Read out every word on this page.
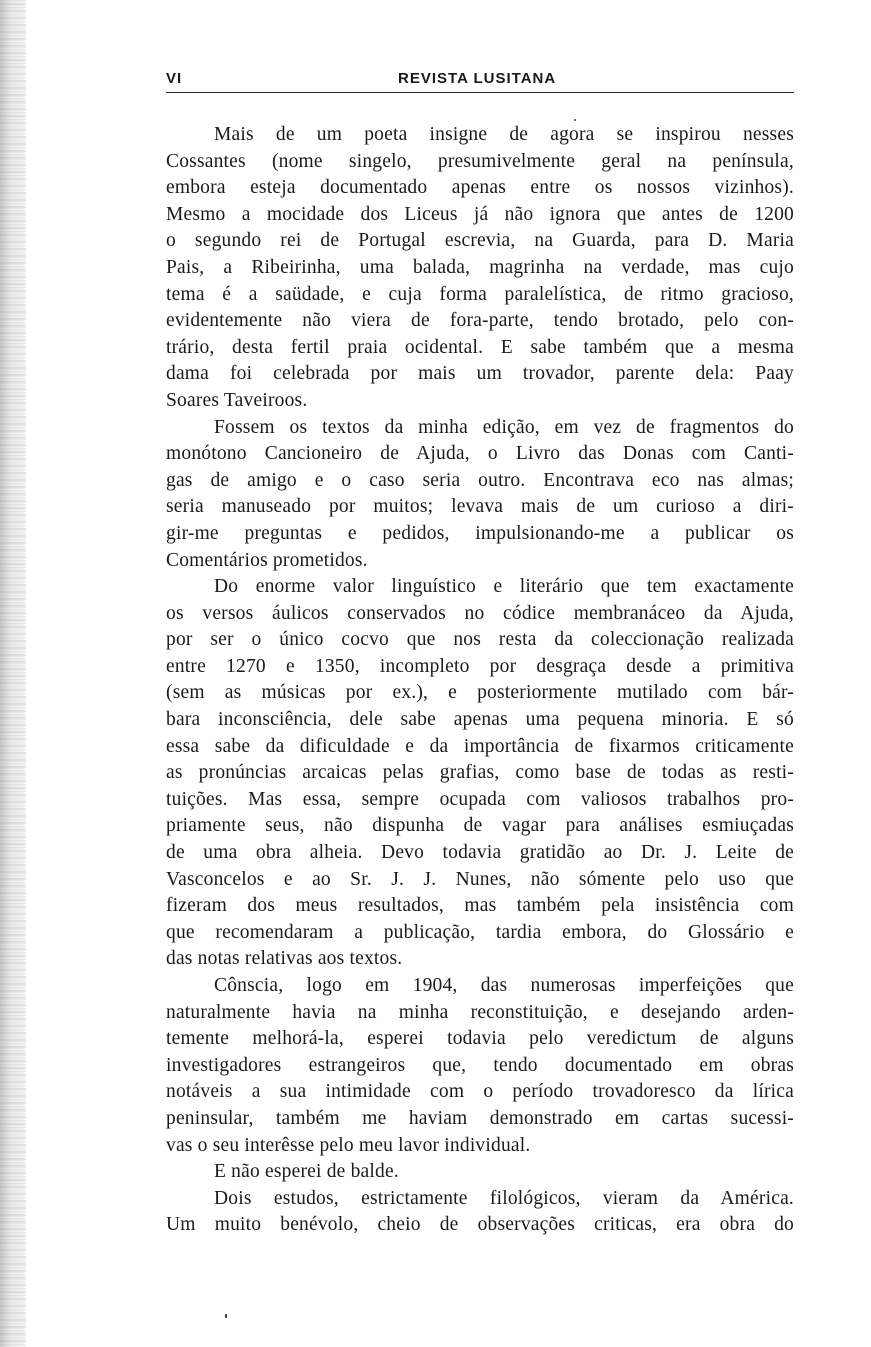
VI	REVISTA LUSITANA
Mais de um poeta insigne de agora se inspirou nesses
Cossantes (nome singelo, presumivelmente geral na península,
embora esteja documentado apenas entre os nossos vizinhos).
Mesmo a mocidade dos Liceus já não ignora que antes de 1200
o segundo rei de Portugal escrevia, na Guarda, para D. Maria
Pais, a Ribeirinha, uma balada, magrinha na verdade, mas cujo
tema é a saüdade, e cuja forma paralelística, de ritmo gracioso,
evidentemente não viera de fora-parte, tendo brotado, pelo con-
trário, desta fertil praia ocidental. E sabe também que a mesma
dama foi celebrada por mais um trovador, parente dela: Paay
Soares Taveiroos.
Fossem os textos da minha edição, em vez de fragmentos do
monótono Cancioneiro de Ajuda, o Livro das Donas com Canti-
gas de amigo e o caso seria outro. Encontrava eco nas almas;
seria manuseado por muitos; levava mais de um curioso a diri-
gir-me preguntas e pedidos, impulsionando-me a publicar os
Comentários prometidos.
Do enorme valor linguístico e literário que tem exactamente
os versos áulicos conservados no códice membranáceo da Ajuda,
por ser o único cocvo que nos resta da coleccionação realizada
entre 1270 e 1350, incompleto por desgraça desde a primitiva
(sem as músicas por ex.), e posteriormente mutilado com bár-
bara inconsciência, dele sabe apenas uma pequena minoria. E só
essa sabe da dificuldade e da importância de fixarmos criticamente
as pronúncias arcaicas pelas grafias, como base de todas as resti-
tuições. Mas essa, sempre ocupada com valiosos trabalhos pro-
priamente seus, não dispunha de vagar para análises esmiuçadas
de uma obra alheia. Devo todavia gratidão ao Dr. J. Leite de
Vasconcelos e ao Sr. J. J. Nunes, não sómente pelo uso que
fizeram dos meus resultados, mas também pela insistência com
que recomendaram a publicação, tardia embora, do Glossário e
das notas relativas aos textos.
Cônscia, logo em 1904, das numerosas imperfeições que
naturalmente havia na minha reconstituição, e desejando arden-
temente melhorá-la, esperei todavia pelo veredictum de alguns
investigadores estrangeiros que, tendo documentado em obras
notáveis a sua intimidade com o período trovadoresco da lírica
peninsular, também me haviam demonstrado em cartas sucessi-
vas o seu interêsse pelo meu lavor individual.
E não esperei de balde.
Dois estudos, estrictamente filológicos, vieram da América.
Um muito benévolo, cheio de observações criticas, era obra do
